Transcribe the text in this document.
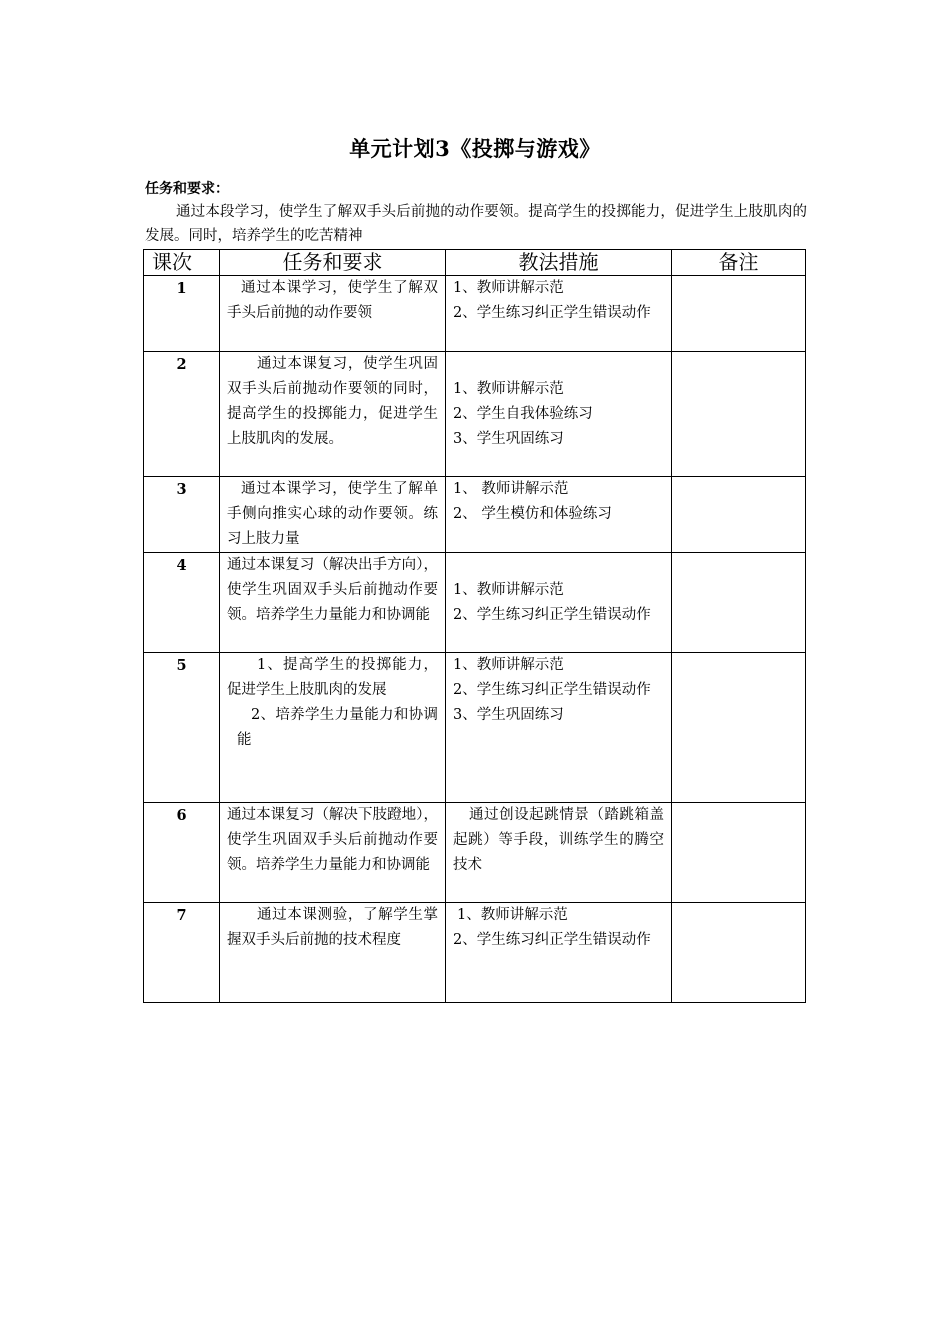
单元计划3《投掷与游戏》
任务和要求：
通过本段学习，使学生了解双手头后前抛的动作要领。提高学生的投掷能力，促进学生上肢肌肉的发展。同时，培养学生的吃苦精神
课次	任务和要求	教法措施	备注
1	通过本课学习，使学生了解双手头后前抛的动作要领	1、教师讲解示范
2、学生练习纠正学生错误动作	

2	通过本课复习，使学生巩固双手头后前抛动作要领的同时，提高学生的投掷能力，促进学生上肢肌肉的发展。	1、教师讲解示范
2、学生自我体验练习
3、学生巩固练习	

3	通过本课学习，使学生了解单手侧向推实心球的动作要领。练习上肢力量	1、 教师讲解示范
2、 学生模仿和体验练习	

4	通过本课复习（解决出手方向），使学生巩固双手头后前抛动作要领。培养学生力量能力和协调能	1、教师讲解示范
2、学生练习纠正学生错误动作	

5	1、提高学生的投掷能力，促进学生上肢肌肉的发展
2、培养学生力量能力和协调能	1、教师讲解示范
2、学生练习纠正学生错误动作
3、学生巩固练习	

6	通过本课复习（解决下肢蹬地），使学生巩固双手头后前抛动作要领。培养学生力量能力和协调能	通过创设起跳情景（踏跳箱盖起跳）等手段，训练学生的腾空技术	

7	通过本课测验，了解学生掌握双手头后前抛的技术程度	1、教师讲解示范
2、学生练习纠正学生错误动作	
